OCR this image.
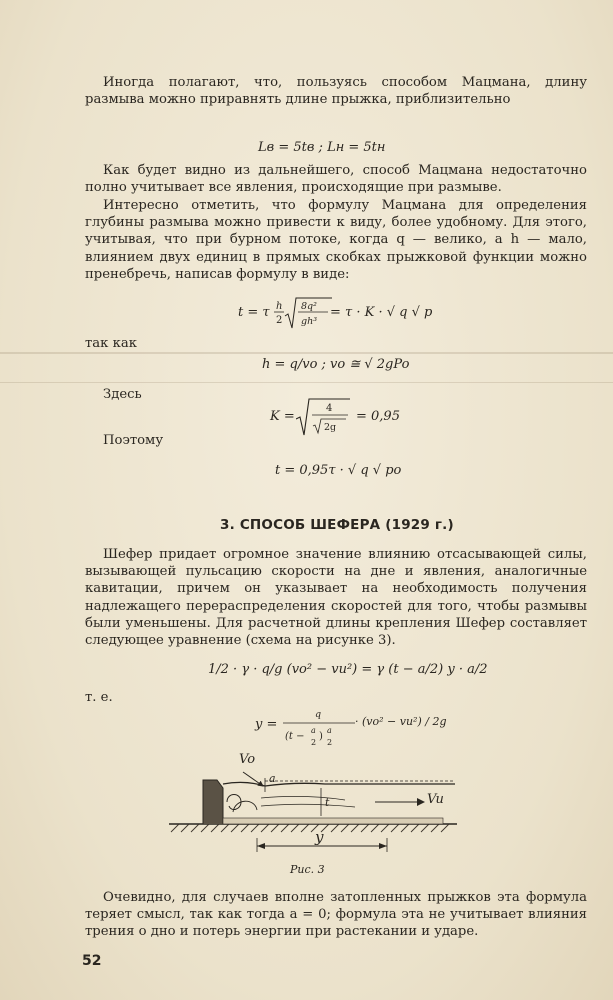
Иногда полагают, что, пользуясь способом Мацмана, длину размыва можно приравнять длине прыжка, приблизительно

Lв = 5tв ; Lн = 5tн

Как будет видно из дальнейшего, способ Мацмана недостаточно полно учитывает все явления, происходящие при размыве.

Интересно отметить, что формулу Мацмана для определения глубины размыва можно привести к виду, более удобному. Для этого, учитывая, что при бурном потоке, когда q — велико, а h — мало, влиянием двух единиц в прямых скобках прыжковой функции можно пренебречь, написав формулу в виде:

t = τ h
2
8q²
gh³
= τ · K · √ q √ p
так как
h = q/vo ; vo ≅ √ 2gPo
Здесь
K =
4
2g
= 0,95
Поэтому
t = 0,95τ · √ q √ po
3. СПОСОБ ШЕФЕРА (1929 г.)

Шефер придает огромное значение влиянию отсасывающей силы, вызывающей пульсацию скорости на дне и явления, аналогичные кавитации, причем он указывает на необходимость получения надлежащего перераспределения скоростей для того, чтобы размывы были уменьшены. Для расчетной длины крепления Шефер составляет следующее уравнение (схема на рисунке 3).

1/2 · γ · q/g (vo² − vu²) = γ (t − a/2) y · a/2
т. е.
y =
q
(t −
a
2
)
a
2
· (vo² − vu²) / 2g
Vo
a
t	Vu
y
Рис. 3

Очевидно, для случаев вполне затопленных прыжков эта формула теряет смысл, так как тогда a = 0; формула эта не учитывает влияния трения о дно и потерь энергии при растекании и ударе.

52
